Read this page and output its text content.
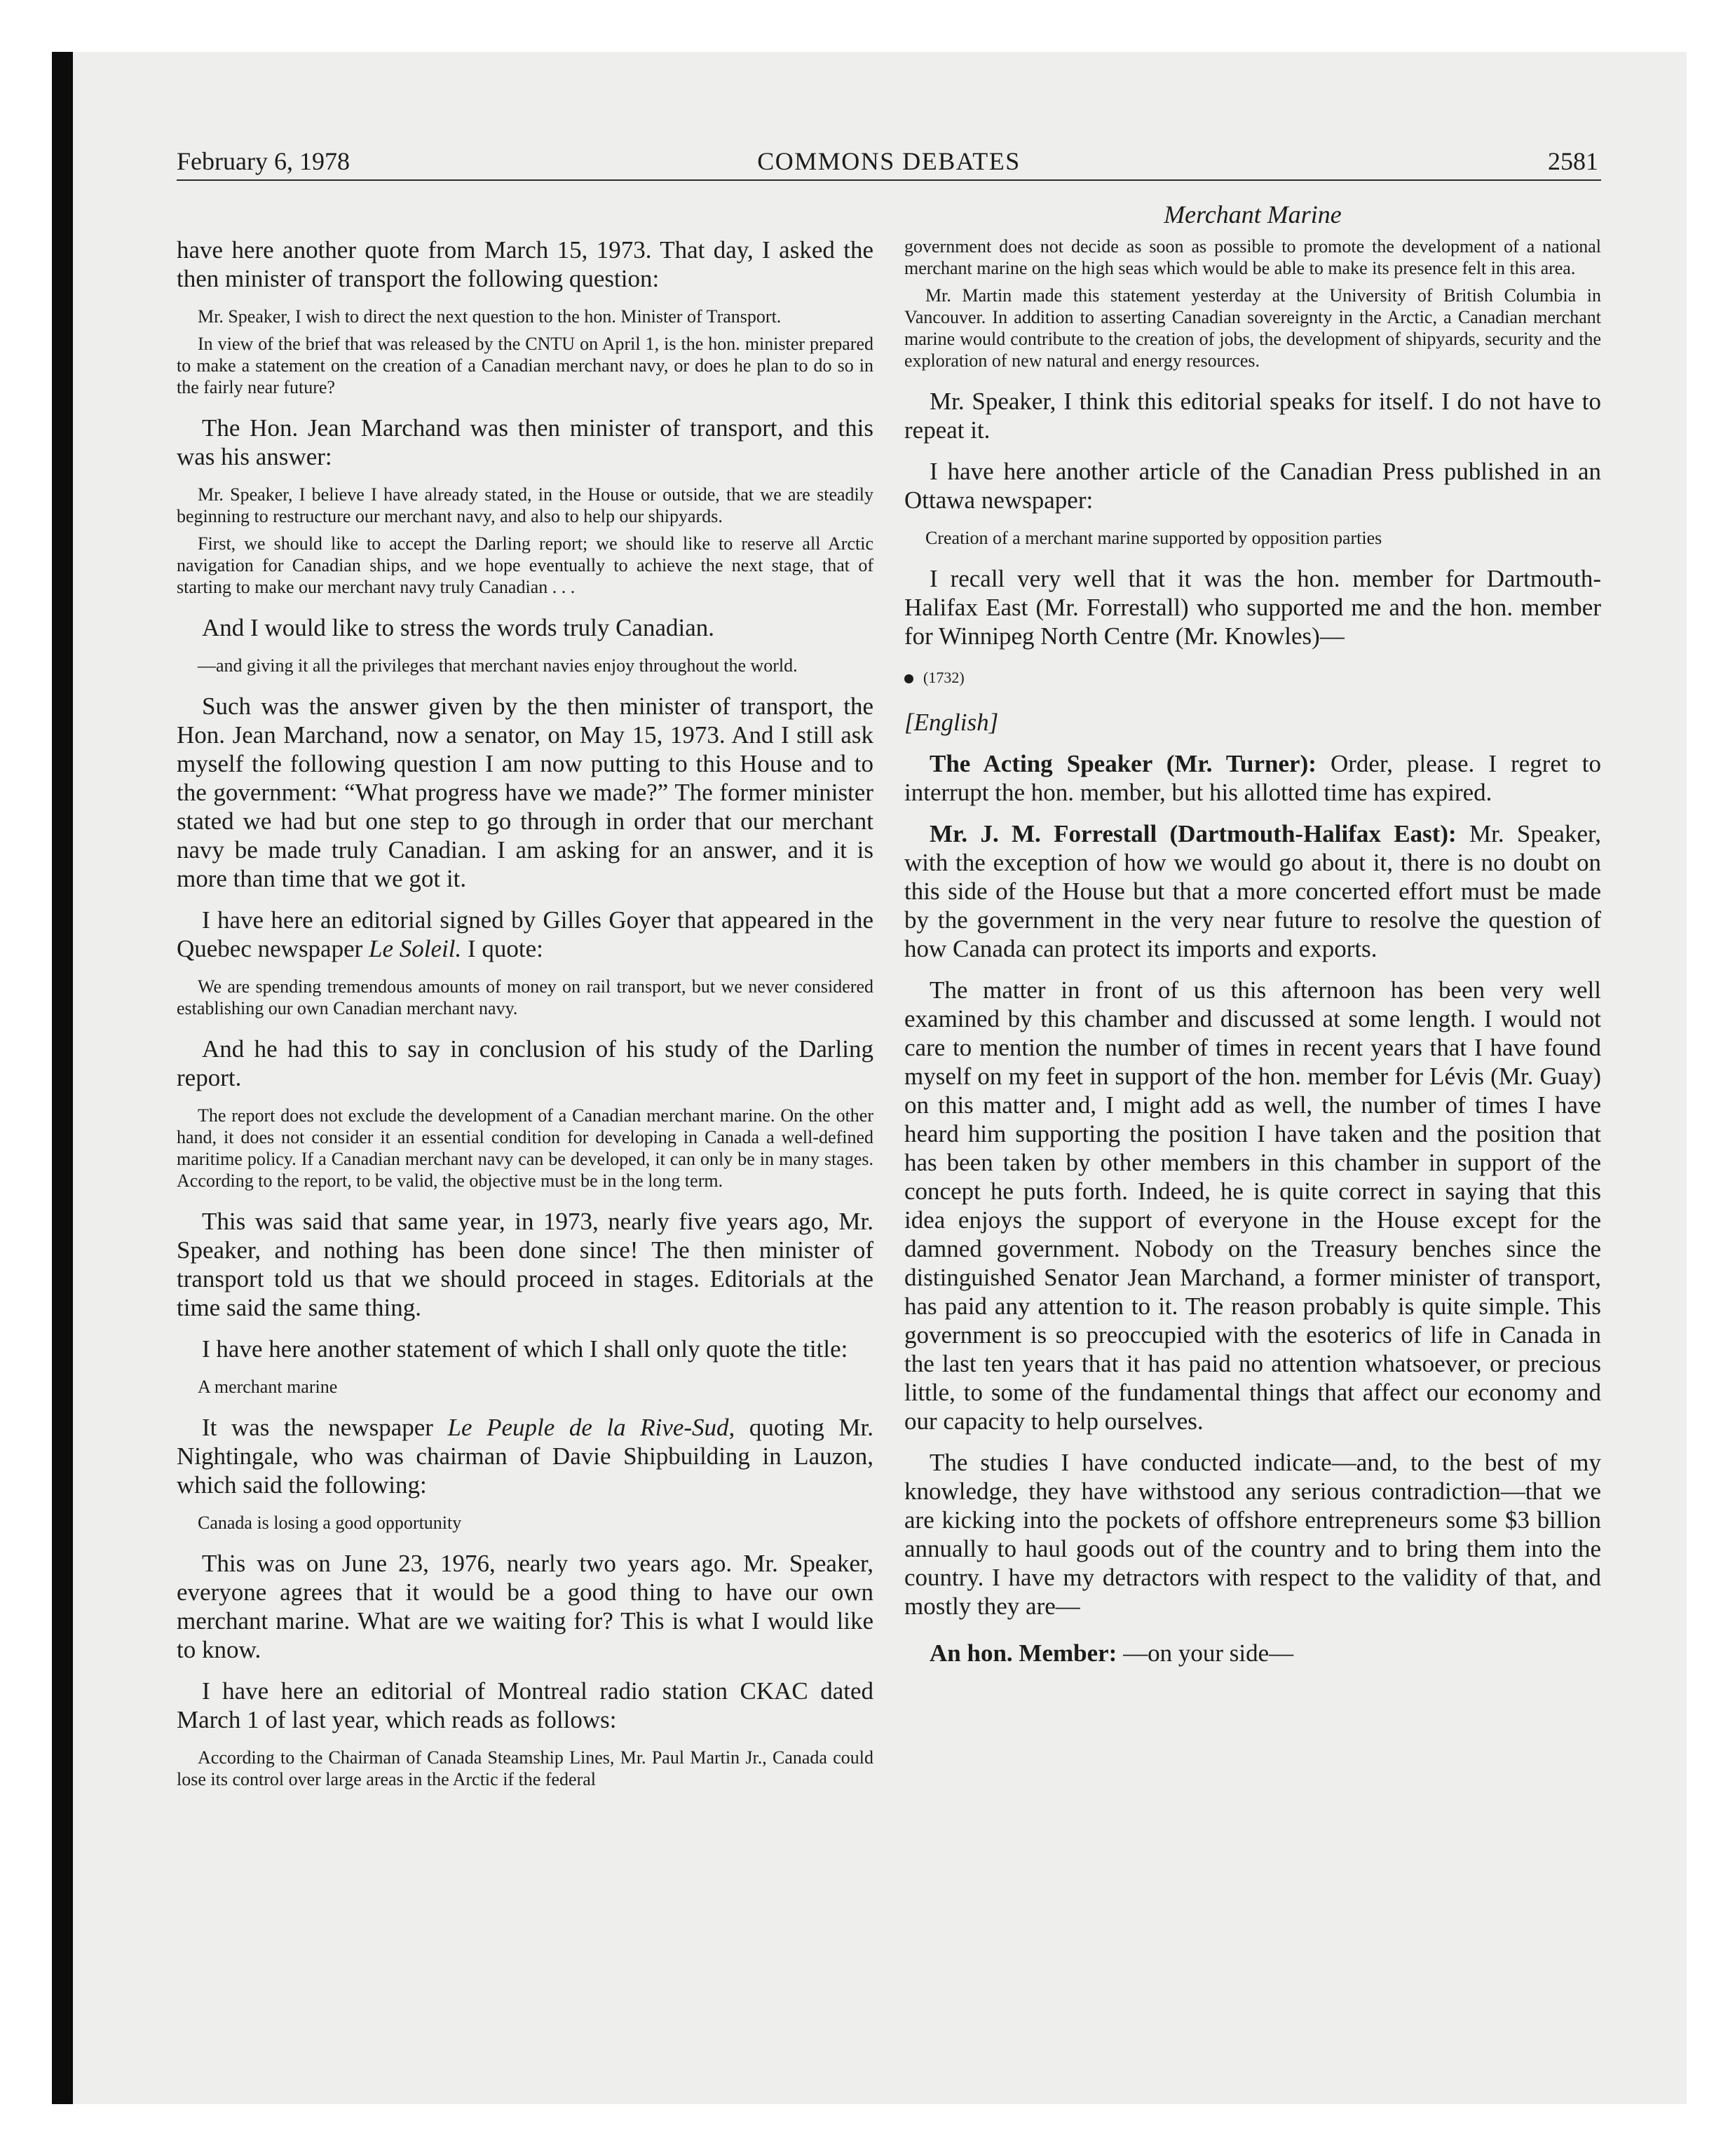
February 6, 1978	COMMONS DEBATES	2581
Merchant Marine

have here another quote from March 15, 1973. That day, I asked the then minister of transport the following question:

Mr. Speaker, I wish to direct the next question to the hon. Minister of Transport.

In view of the brief that was released by the CNTU on April 1, is the hon. minister prepared to make a statement on the creation of a Canadian merchant navy, or does he plan to do so in the fairly near future?

The Hon. Jean Marchand was then minister of transport, and this was his answer:

Mr. Speaker, I believe I have already stated, in the House or outside, that we are steadily beginning to restructure our merchant navy, and also to help our shipyards.

First, we should like to accept the Darling report; we should like to reserve all Arctic navigation for Canadian ships, and we hope eventually to achieve the next stage, that of starting to make our merchant navy truly Canadian . . .

And I would like to stress the words truly Canadian.

—and giving it all the privileges that merchant navies enjoy throughout the world.

Such was the answer given by the then minister of transport, the Hon. Jean Marchand, now a senator, on May 15, 1973. And I still ask myself the following question I am now putting to this House and to the government: “What progress have we made?” The former minister stated we had but one step to go through in order that our merchant navy be made truly Canadian. I am asking for an answer, and it is more than time that we got it.

I have here an editorial signed by Gilles Goyer that appeared in the Quebec newspaper Le Soleil. I quote:

We are spending tremendous amounts of money on rail transport, but we never considered establishing our own Canadian merchant navy.

And he had this to say in conclusion of his study of the Darling report.

The report does not exclude the development of a Canadian merchant marine. On the other hand, it does not consider it an essential condition for developing in Canada a well-defined maritime policy. If a Canadian merchant navy can be developed, it can only be in many stages. According to the report, to be valid, the objective must be in the long term.

This was said that same year, in 1973, nearly five years ago, Mr. Speaker, and nothing has been done since! The then minister of transport told us that we should proceed in stages. Editorials at the time said the same thing.

I have here another statement of which I shall only quote the title:

A merchant marine

It was the newspaper Le Peuple de la Rive-Sud, quoting Mr. Nightingale, who was chairman of Davie Shipbuilding in Lauzon, which said the following:

Canada is losing a good opportunity

This was on June 23, 1976, nearly two years ago. Mr. Speaker, everyone agrees that it would be a good thing to have our own merchant marine. What are we waiting for? This is what I would like to know.

I have here an editorial of Montreal radio station CKAC dated March 1 of last year, which reads as follows:

According to the Chairman of Canada Steamship Lines, Mr. Paul Martin Jr., Canada could lose its control over large areas in the Arctic if the federal

government does not decide as soon as possible to promote the development of a national merchant marine on the high seas which would be able to make its presence felt in this area.

Mr. Martin made this statement yesterday at the University of British Columbia in Vancouver. In addition to asserting Canadian sovereignty in the Arctic, a Canadian merchant marine would contribute to the creation of jobs, the development of shipyards, security and the exploration of new natural and energy resources.

Mr. Speaker, I think this editorial speaks for itself. I do not have to repeat it.

I have here another article of the Canadian Press published in an Ottawa newspaper:

Creation of a merchant marine supported by opposition parties

I recall very well that it was the hon. member for Dartmouth-Halifax East (Mr. Forrestall) who supported me and the hon. member for Winnipeg North Centre (Mr. Knowles)—

(1732)

[English]

The Acting Speaker (Mr. Turner): Order, please. I regret to interrupt the hon. member, but his allotted time has expired.

Mr. J. M. Forrestall (Dartmouth-Halifax East): Mr. Speaker, with the exception of how we would go about it, there is no doubt on this side of the House but that a more concerted effort must be made by the government in the very near future to resolve the question of how Canada can protect its imports and exports.

The matter in front of us this afternoon has been very well examined by this chamber and discussed at some length. I would not care to mention the number of times in recent years that I have found myself on my feet in support of the hon. member for Lévis (Mr. Guay) on this matter and, I might add as well, the number of times I have heard him supporting the position I have taken and the position that has been taken by other members in this chamber in support of the concept he puts forth. Indeed, he is quite correct in saying that this idea enjoys the support of everyone in the House except for the damned government. Nobody on the Treasury benches since the distinguished Senator Jean Marchand, a former minister of transport, has paid any attention to it. The reason probably is quite simple. This government is so preoccupied with the esoterics of life in Canada in the last ten years that it has paid no attention whatsoever, or precious little, to some of the fundamental things that affect our economy and our capacity to help ourselves.

The studies I have conducted indicate—and, to the best of my knowledge, they have withstood any serious contradiction—that we are kicking into the pockets of offshore entrepreneurs some $3 billion annually to haul goods out of the country and to bring them into the country. I have my detractors with respect to the validity of that, and mostly they are—

An hon. Member: —on your side—
